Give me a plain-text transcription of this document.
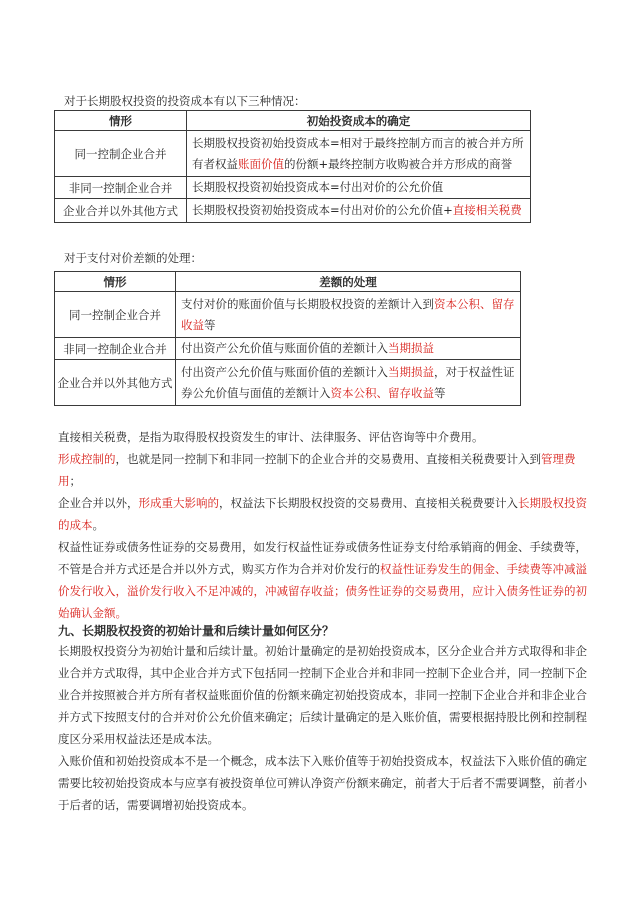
对于长期股权投资的投资成本有以下三种情况：
情形	初始投资成本的确定
同一控制企业合并	长期股权投资初始投资成本=相对于最终控制方而言的被合并方所有者权益账面价值的份额+最终控制方收购被合并方形成的商誉
非同一控制企业合并	长期股权投资初始投资成本=付出对价的公允价值
企业合并以外其他方式	长期股权投资初始投资成本=付出对价的公允价值+直接相关税费
对于支付对价差额的处理：
情形	差额的处理
同一控制企业合并	支付对价的账面价值与长期股权投资的差额计入到资本公积、留存收益等
非同一控制企业合并	付出资产公允价值与账面价值的差额计入当期损益
企业合并以外其他方式	付出资产公允价值与账面价值的差额计入当期损益，对于权益性证券公允价值与面值的差额计入资本公积、留存收益等

直接相关税费，是指为取得股权投资发生的审计、法律服务、评估咨询等中介费用。

形成控制的，也就是同一控制下和非同一控制下的企业合并的交易费用、直接相关税费要计入到管理费用；

企业合并以外，形成重大影响的，权益法下长期股权投资的交易费用、直接相关税费要计入长期股权投资的成本。

权益性证券或债务性证券的交易费用，如发行权益性证券或债务性证券支付给承销商的佣金、手续费等，不管是合并方式还是合并以外方式，购买方作为合并对价发行的权益性证券发生的佣金、手续费等冲减溢价发行收入，溢价发行收入不足冲减的，冲减留存收益；债务性证券的交易费用，应计入债务性证券的初始确认金额。

九、长期股权投资的初始计量和后续计量如何区分？

长期股权投资分为初始计量和后续计量。初始计量确定的是初始投资成本，区分企业合并方式取得和非企业合并方式取得，其中企业合并方式下包括同一控制下企业合并和非同一控制下企业合并，同一控制下企业合并按照被合并方所有者权益账面价值的份额来确定初始投资成本，非同一控制下企业合并和非企业合并方式下按照支付的合并对价公允价值来确定；后续计量确定的是入账价值，需要根据持股比例和控制程度区分采用权益法还是成本法。

入账价值和初始投资成本不是一个概念，成本法下入账价值等于初始投资成本，权益法下入账价值的确定需要比较初始投资成本与应享有被投资单位可辨认净资产份额来确定，前者大于后者不需要调整，前者小于后者的话，需要调增初始投资成本。
